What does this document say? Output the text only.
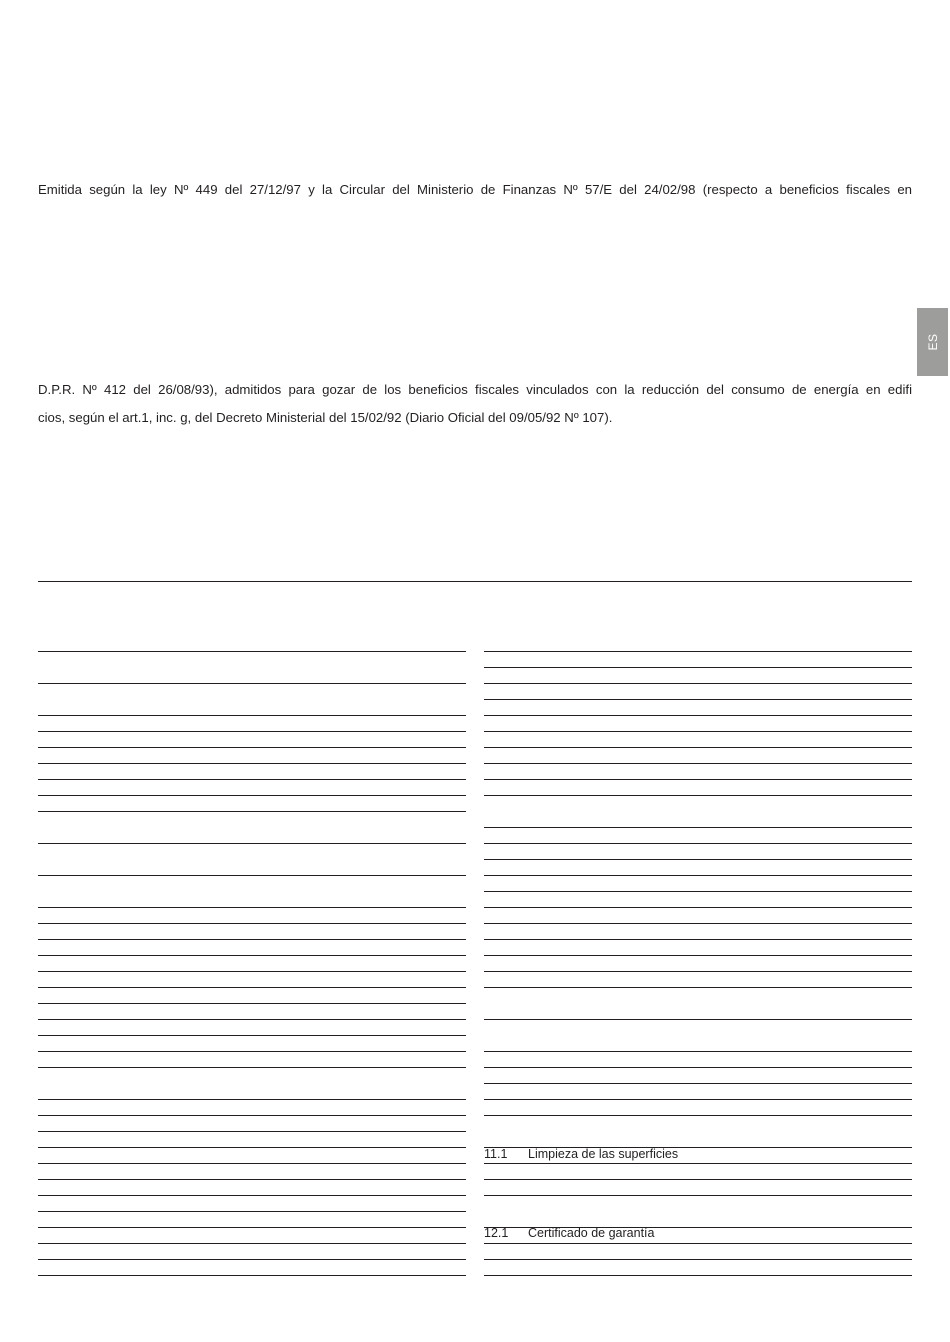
Emitida según la ley Nº 449 del 27/12/97 y la Circular del Ministerio de Finanzas Nº 57/E del 24/02/98 (respecto a beneficios fiscales en

ES

D.P.R. Nº 412 del 26/08/93), admitidos para gozar de los beneficios fiscales vinculados con la reducción del consumo de energía en edifi
cios, según el art.1, inc. g, del Decreto Ministerial del 15/02/92 (Diario Oficial del 09/05/92 Nº 107).

11.1 Limpieza de las superficies
12.1 Certificado de garantía
